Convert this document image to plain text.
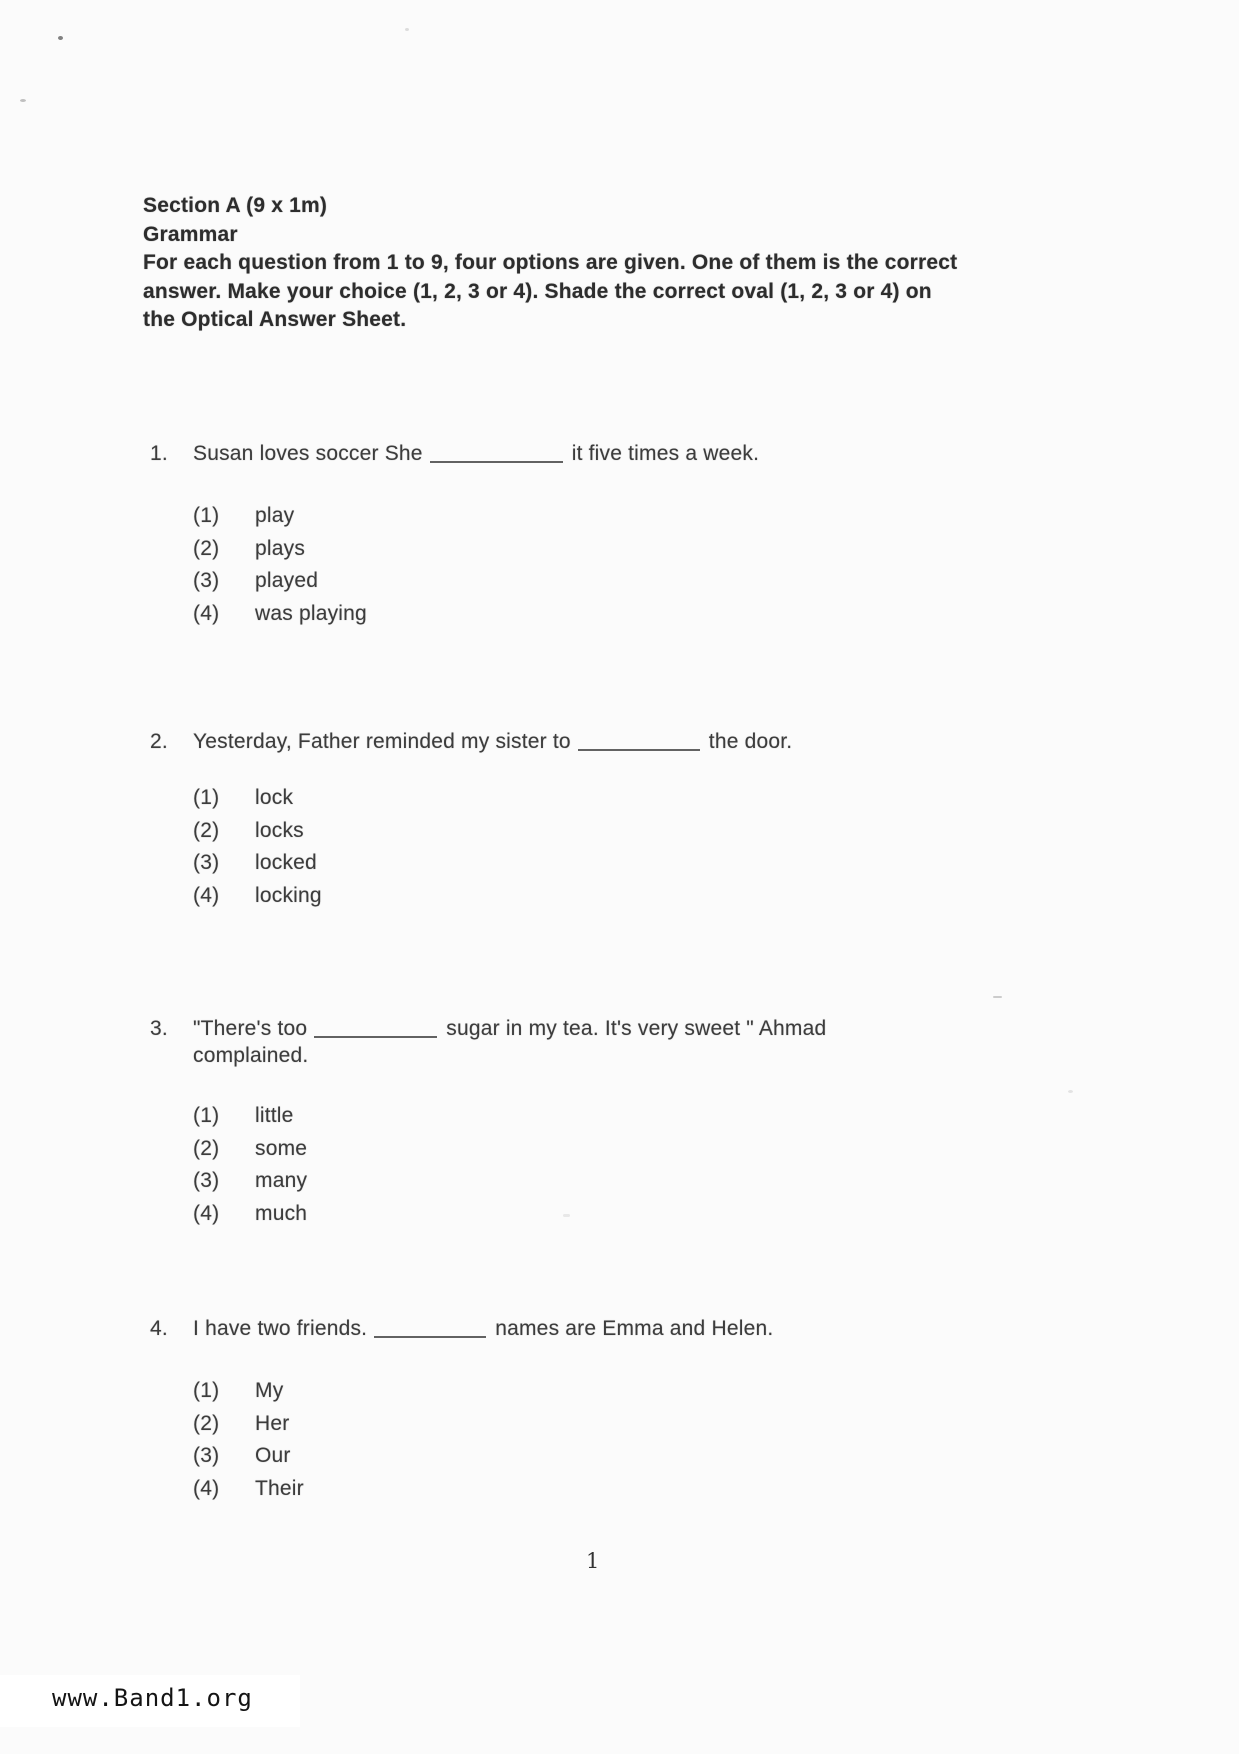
Section A (9 x 1m)
Grammar
For each question from 1 to 9, four options are given. One of them is the correct
answer. Make your choice (1, 2, 3 or 4). Shade the correct oval (1, 2, 3 or 4) on
the Optical Answer Sheet.
1. Susan loves soccer She	it five times a week.
(1) play
(2) plays
(3) played
(4) was playing
2. Yesterday, Father reminded my sister to	the door.
(1) lock
(2) locks
(3) locked
(4) locking
3. "There's too	sugar in my tea. It's very sweet " Ahmad
complained.
(1) little
(2) some
(3) many
(4) much
4. I have two friends.	names are Emma and Helen.
(1) My
(2) Her
(3) Our
(4) Their
1
www.Band1.org
